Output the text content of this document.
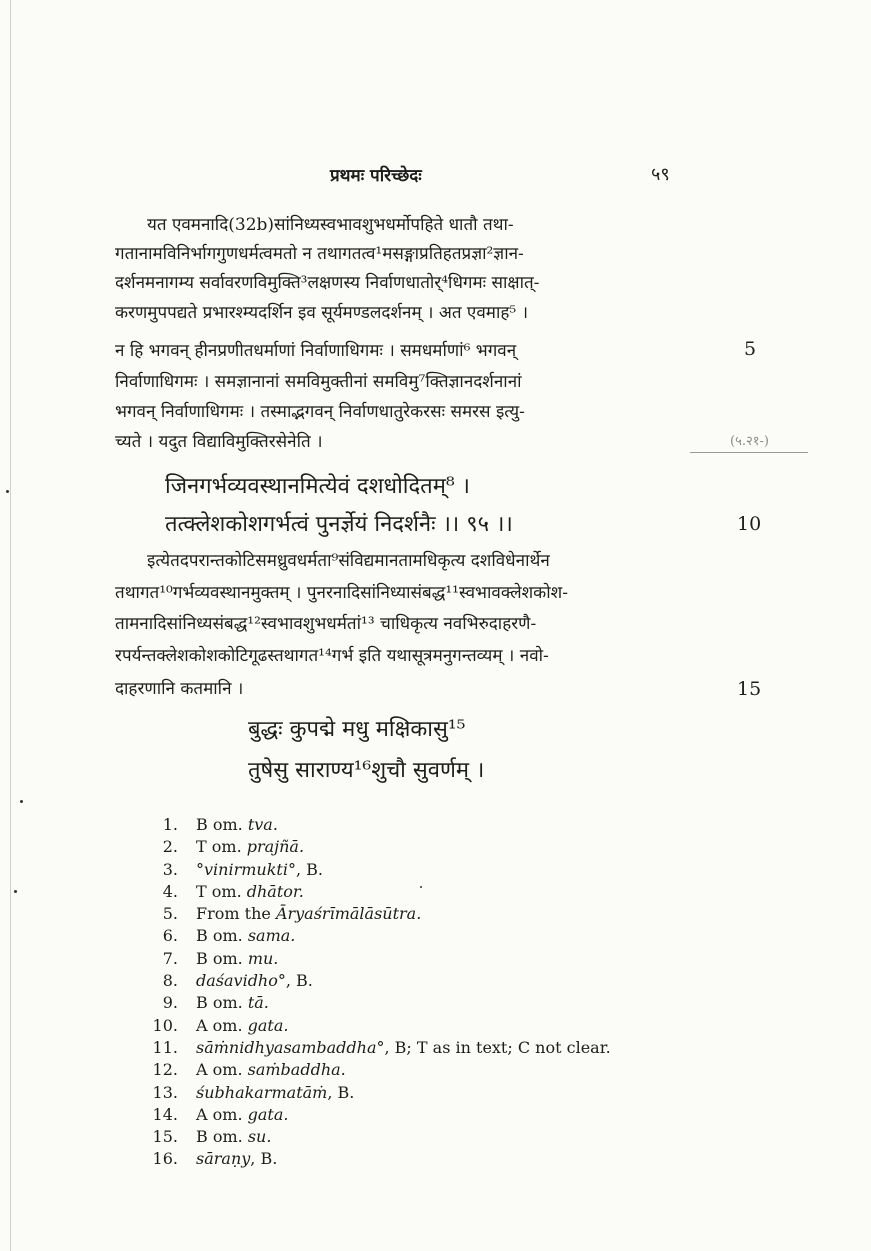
प्रथमः परिच्छेदः	५९
यत एवमनादि(32b)सांनिध्यस्वभावशुभधर्मोपहिते धातौ तथा-
गतानामविनिर्भागगुणधर्मत्वमतो न तथागतत्व¹मसङ्गाप्रतिहतप्रज्ञा²ज्ञान-
दर्शनमनागम्य सर्वावरणविमुक्ति³लक्षणस्य निर्वाणधातोर्⁴धिगमः साक्षात्-
करणमुपपद्यते प्रभारश्म्यदर्शिन इव सूर्यमण्डलदर्शनम् । अत एवमाह⁵ ।
न हि भगवन् हीनप्रणीतधर्माणां निर्वाणाधिगमः । समधर्माणां⁶ भगवन्
निर्वाणाधिगमः । समज्ञानानां समविमुक्तीनां समविमु⁷क्तिज्ञानदर्शनानां
भगवन् निर्वाणाधिगमः । तस्माद्भगवन् निर्वाणधातुरेकरसः समरस इत्यु-
च्यते । यदुत विद्याविमुक्तिरसेनेति ।
जिनगर्भव्यवस्थानमित्येवं दशधोदितम्⁸ ।
तत्क्लेशकोशगर्भत्वं पुनर्ज्ञेयं निदर्शनैः ।। ९५ ।।
इत्येतदपरान्तकोटिसमध्रुवधर्मता⁹संविद्यमानतामधिकृत्य दशविधेनार्थेन
तथागत¹⁰गर्भव्यवस्थानमुक्तम् । पुनरनादिसांनिध्यासंबद्ध¹¹स्वभावक्लेशकोश-
तामनादिसांनिध्यसंबद्ध¹²स्वभावशुभधर्मतां¹³ चाधिकृत्य नवभिरुदाहरणै-
रपर्यन्तक्लेशकोशकोटिगूढस्तथागत¹⁴गर्भ इति यथासूत्रमनुगन्तव्यम् । नवो-
दाहरणानि कतमानि ।
बुद्धः कुपद्मे मधु मक्षिकासु¹⁵
तुषेसु साराण्य¹⁶शुचौ सुवर्णम् ।
5
10
15
(५.२१-)
1. B om. tva.
2. T om. prajñā.
3. °vinirmukti°, B.
4. T om. dhātor.
5. From the Āryaśrīmālāsūtra.
6. B om. sama.
7. B om. mu.
8. daśavidho°, B.
9. B om. tā.
10. A om. gata.
11. sāṁnidhyasambaddha°, B; T as in text; C not clear.
12. A om. saṁbaddha.
13. śubhakarmatāṁ, B.
14. A om. gata.
15. B om. su.
16. sāraṇy, B.
